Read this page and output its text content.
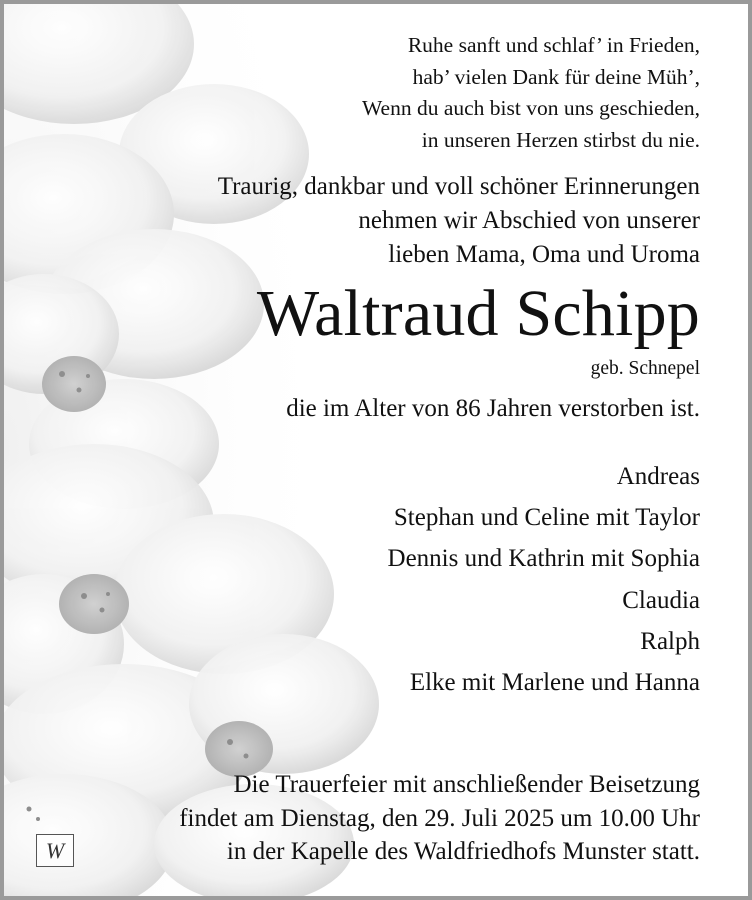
Ruhe sanft und schlaf’ in Frieden,
hab’ vielen Dank für deine Müh’,
Wenn du auch bist von uns geschieden,
in unseren Herzen stirbst du nie.
Traurig, dankbar und voll schöner Erinnerungen
nehmen wir Abschied von unserer
lieben Mama, Oma und Uroma
Waltraud Schipp
geb. Schnepel
die im Alter von 86 Jahren verstorben ist.
Andreas
Stephan und Celine mit Taylor
Dennis und Kathrin mit Sophia
Claudia
Ralph
Elke mit Marlene und Hanna
Die Trauerfeier mit anschließender Beisetzung
findet am Dienstag, den 29. Juli 2025 um 10.00 Uhr
in der Kapelle des Waldfriedhofs Munster statt.
W
